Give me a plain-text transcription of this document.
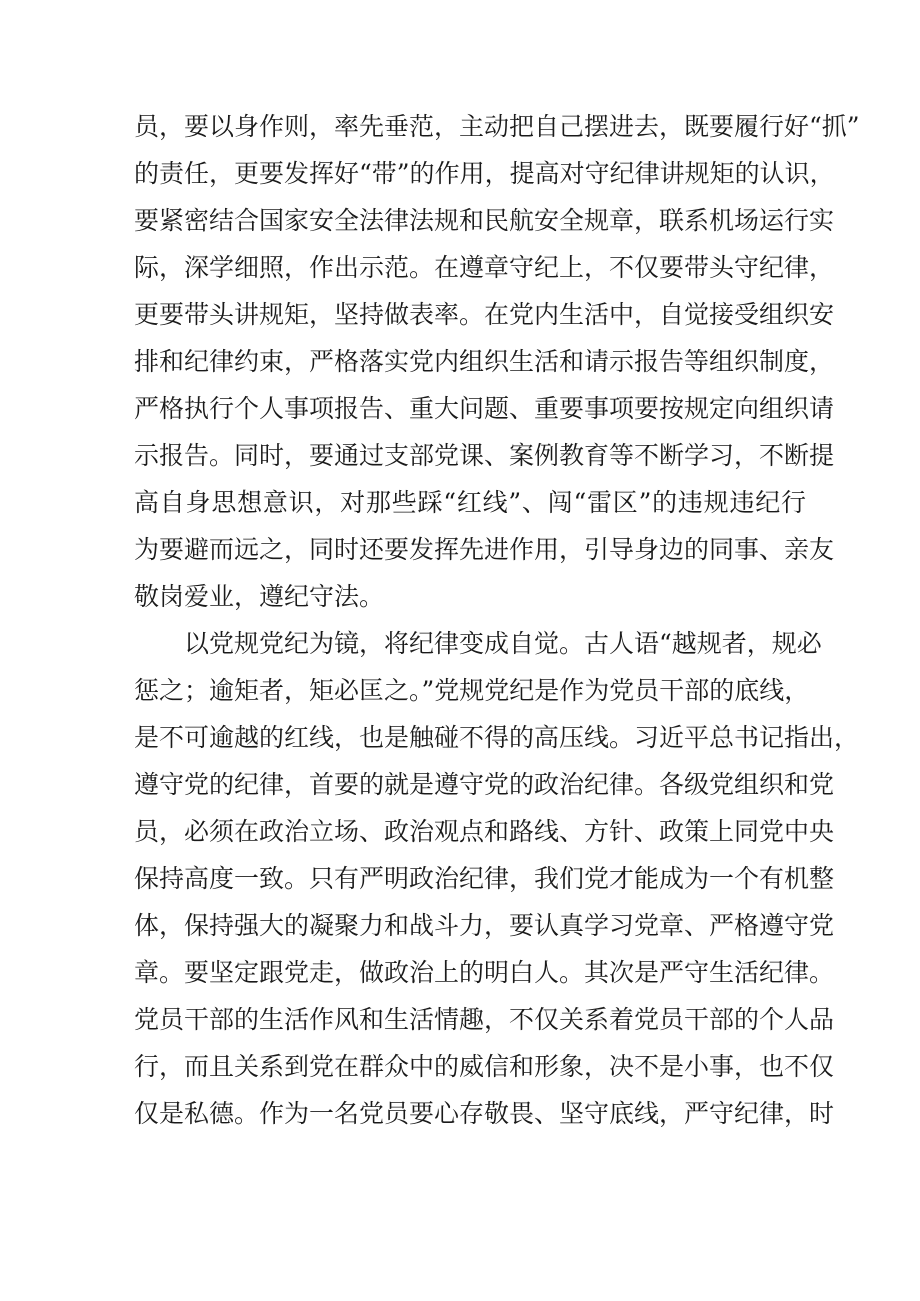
员，要以身作则，率先垂范，主动把自己摆进去，既要履行好“抓”
的责任，更要发挥好“带”的作用，提高对守纪律讲规矩的认识，
要紧密结合国家安全法律法规和民航安全规章，联系机场运行实
际，深学细照，作出示范。在遵章守纪上，不仅要带头守纪律，
更要带头讲规矩，坚持做表率。在党内生活中，自觉接受组织安
排和纪律约束，严格落实党内组织生活和请示报告等组织制度，
严格执行个人事项报告、重大问题、重要事项要按规定向组织请
示报告。同时，要通过支部党课、案例教育等不断学习，不断提
高自身思想意识，对那些踩“红线”、闯“雷区”的违规违纪行
为要避而远之，同时还要发挥先进作用，引导身边的同事、亲友
敬岗爱业，遵纪守法。

以党规党纪为镜，将纪律变成自觉。古人语“越规者，规必
惩之；逾矩者，矩必匡之。”党规党纪是作为党员干部的底线，
是不可逾越的红线，也是触碰不得的高压线。习近平总书记指出，
遵守党的纪律，首要的就是遵守党的政治纪律。各级党组织和党
员，必须在政治立场、政治观点和路线、方针、政策上同党中央
保持高度一致。只有严明政治纪律，我们党才能成为一个有机整
体，保持强大的凝聚力和战斗力，要认真学习党章、严格遵守党
章。要坚定跟党走，做政治上的明白人。其次是严守生活纪律。
党员干部的生活作风和生活情趣，不仅关系着党员干部的个人品
行，而且关系到党在群众中的威信和形象，决不是小事，也不仅
仅是私德。作为一名党员要心存敬畏、坚守底线，严守纪律，时
